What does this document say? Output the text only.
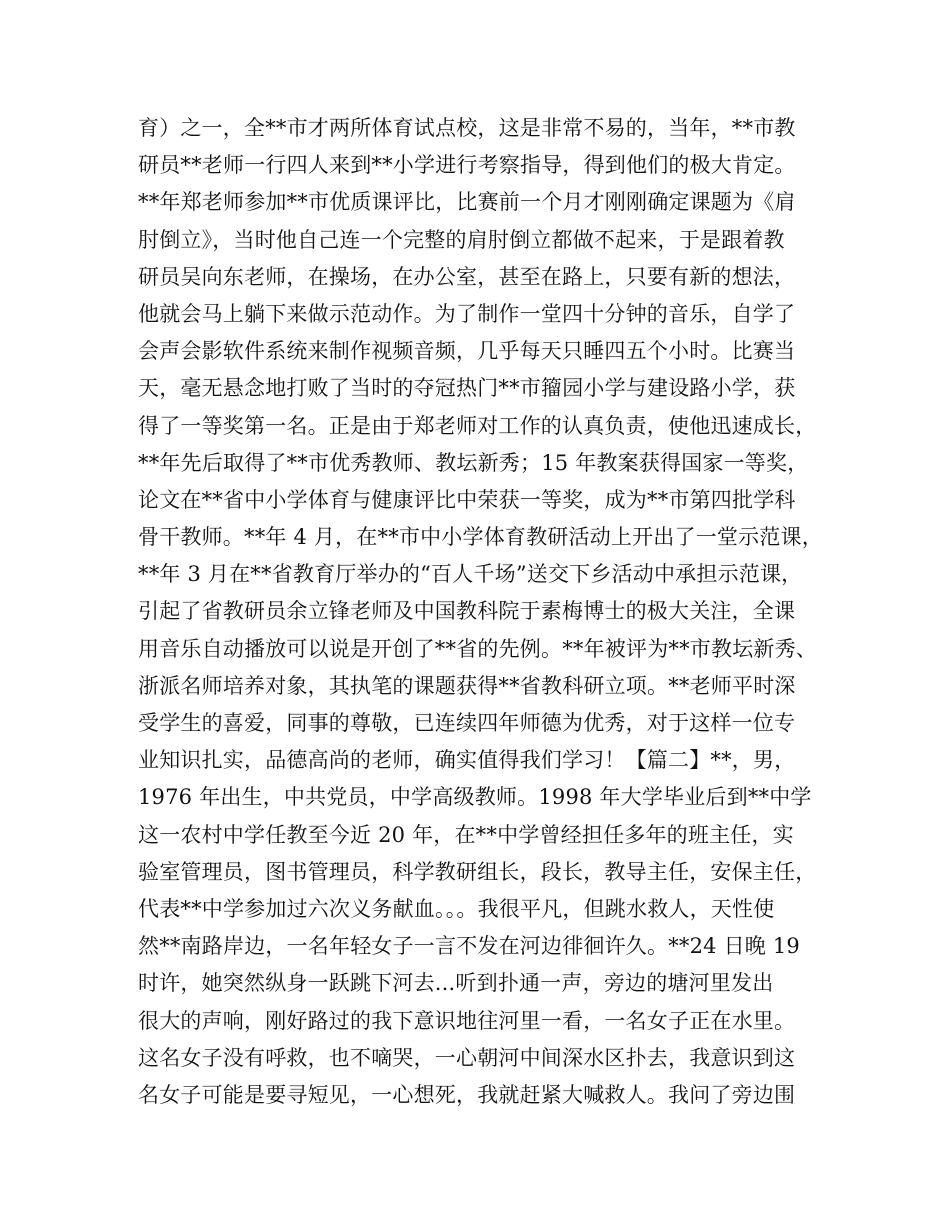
育）之一，全**市才两所体育试点校，这是非常不易的，当年，**市教
研员**老师一行四人来到**小学进行考察指导，得到他们的极大肯定。
**年郑老师参加**市优质课评比，比赛前一个月才刚刚确定课题为《肩
肘倒立》，当时他自己连一个完整的肩肘倒立都做不起来，于是跟着教
研员吴向东老师，在操场，在办公室，甚至在路上，只要有新的想法，
他就会马上躺下来做示范动作。为了制作一堂四十分钟的音乐，自学了
会声会影软件系统来制作视频音频，几乎每天只睡四五个小时。比赛当
天，毫无悬念地打败了当时的夺冠热门**市籀园小学与建设路小学，获
得了一等奖第一名。正是由于郑老师对工作的认真负责，使他迅速成长，
**年先后取得了**市优秀教师、教坛新秀；15 年教案获得国家一等奖，
论文在**省中小学体育与健康评比中荣获一等奖，成为**市第四批学科
骨干教师。**年 4 月，在**市中小学体育教研活动上开出了一堂示范课，
**年 3 月在**省教育厅举办的“百人千场”送交下乡活动中承担示范课，
引起了省教研员余立锋老师及中国教科院于素梅博士的极大关注，全课
用音乐自动播放可以说是开创了**省的先例。**年被评为**市教坛新秀、
浙派名师培养对象，其执笔的课题获得**省教科研立项。**老师平时深
受学生的喜爱，同事的尊敬，已连续四年师德为优秀，对于这样一位专
业知识扎实，品德高尚的老师，确实值得我们学习！【篇二】**，男，
1976 年出生，中共党员，中学高级教师。1998 年大学毕业后到**中学
这一农村中学任教至今近 20 年，在**中学曾经担任多年的班主任，实
验室管理员，图书管理员，科学教研组长，段长，教导主任，安保主任，
代表**中学参加过六次义务献血。。。我很平凡，但跳水救人，天性使
然**南路岸边，一名年轻女子一言不发在河边徘徊许久。**24 日晚 19
时许，她突然纵身一跃跳下河去...听到扑通一声，旁边的塘河里发出
很大的声响，刚好路过的我下意识地往河里一看，一名女子正在水里。
这名女子没有呼救，也不嘀哭，一心朝河中间深水区扑去，我意识到这
名女子可能是要寻短见，一心想死，我就赶紧大喊救人。我问了旁边围
